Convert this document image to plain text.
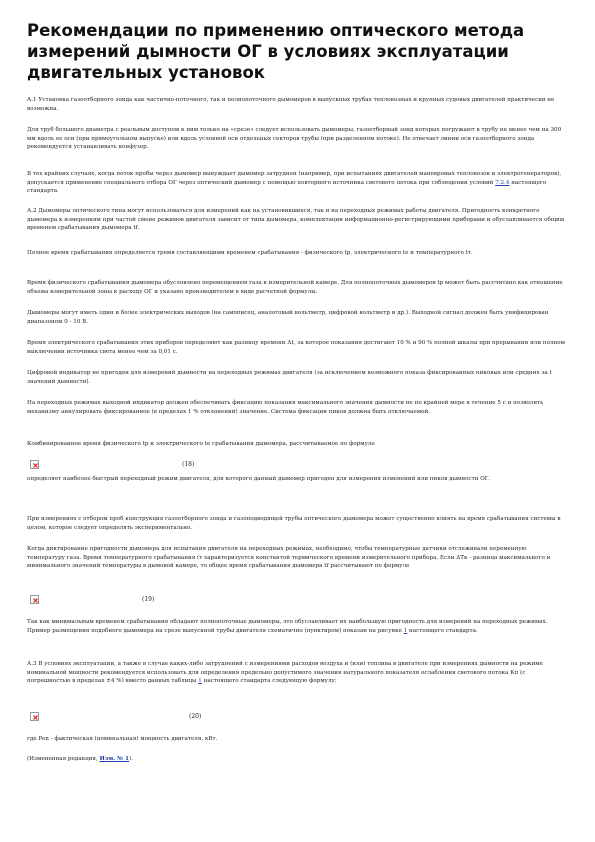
Рекомендации по применению оптического метода измерений дымности ОГ в условиях эксплуатации двигательных установок

А.1 Установка газоотборного зонда как частично-поточного, так и полнопоточного дымомеров в выпускных трубах тепловозных и крупных судовых двигателей практически не возможна.

Для труб большого диаметра с реальным доступом к ним только на «срезе» следует использовать дымомеры, газоотборный зонд которых погружают в трубу не менее чем на 300 мм вдоль ее оси (при прямоугольном выпуске) или вдоль условной оси отдельных секторов трубы (при разделенном потоке). Не отвечает линии оси газоотборного зонда рекомендуется устанавливать конфузор.

В тех крайних случаях, когда поток пробы через дымомер вынуждает дымомер затруднен (например, при испытаниях двигателей маневровых тепловозов и электрогенераторов), допускается применение специального отбора ОГ через оптический дымомер с помощью повторного источника светового потока при соблюдении условий 7.2.4 настоящего стандарта.

А.2 Дымомеры оптического типа могут использоваться для измерений как на установившихся, так и на переходных режимах работы двигателя. Пригодность конкретного дымомера к измерениям при частой смене режимов двигателя зависит от типа дымомера, комплектации информационно-регистрирующими приборами и обуславливается общим временем срабатывания дымомера tf.

Полное время срабатывания определяется тремя составляющими временем срабатывания - физического tp, электрического te и температурного tт.

Время физического срабатывания дымомера обусловлено перемещением газа в измерительной камере. Для полнопоточных дымомеров tp может быть рассчитано как отношение объема измерительной зоны к расходу ОГ и указано производителем в виде расчетной формулы.

Дымомеры могут иметь один и более электрических выходов (на самописец, аналоговый вольтметр, цифровой вольтметр и др.). Выходной сигнал должен быть унифицирован диапазоном 0 - 10 В.

Время электрического срабатывания этих приборов определяют как разницу времени Δt, за которое показания достигают 10 % и 90 % полной шкалы при прерывании или полном выключении источника света менее чем за 0,01 с.

Цифровой индикатор не пригоден для измерений дымности на переходных режимах двигателя (за исключением возможного показа фиксированных пиковых или средних за t значений дымности).

На переходных режимах выходной индикатор должен обеспечивать фиксацию показания максимального значения дымности не по крайней мере в течение 5 с и позволить механизму аннулировать фиксированное (в пределах 1 % отклонений) значение. Система фиксации пиков должна быть отключаемой.

Комбинированное время физического tp и электрического te срабатывания дымомера, рассчитываемое по формуле

(18)

определяет наиболее быстрый переходный режим двигателя, для которого данный дымомер пригоден для измерения изменений или пиков дымности ОГ.

При измерениях с отбором проб конструкция газоотборного зонда и газоподводящей трубы оптического дымомера может существенно влиять на время срабатывания системы в целом, которое следует определять экспериментально.

Когда диктирование пригодности дымомера для испытания двигателя на переходных режимах, необходимо, чтобы температурные датчики отслеживали переменную температуру газа. Время температурного срабатывания (т характеризуется константой термического времени измерительного прибора. Если ΔTк - разница максимального и минимального значений температуры в дымовой камере, то общее время срабатывания дымомера tf рассчитывают по формуле

(19)

Так как минимальным временем срабатывания обладают полнопоточные дымомеры, это обуславливает их наибольшую пригодность для измерений на переходных режимах. Пример размещения подобного дымомера на срезе выпускной трубы двигателя схематично (пунктиром) показан на рисунке 1 настоящего стандарта.

А.3 В условиях эксплуатации, а также в случае каких-либо затруднений с измерениями расходов воздуха и (или) топлива в двигателе при измерениях дымности на режиме номинальной мощности рекомендуется использовать для определения предельно допустимого значения натурального показателя ослабления светового потока Кп (с погрешностью в пределах ±4 %) вместо данных таблицы 1 настоящего стандарта следующую формулу:

(20)

где Pen - фактическая (номинальная) мощность двигателя, кВт.

(Измененная редакция, Изм. № 1).
